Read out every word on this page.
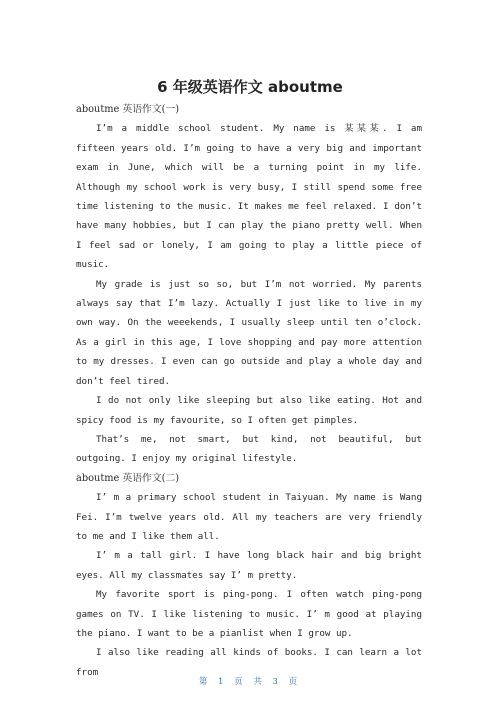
6 年级英语作文 aboutme

aboutme 英语作文(一)

I’m a middle school student. My name is 某某某. I am fifteen years old. I’m going to have a very big and important exam in June, which will be a turning point in my life. Although my school work is very busy, I still spend some free time listening to the music. It makes me feel relaxed. I don’t have many hobbies, but I can play the piano pretty well. When I feel sad or lonely, I am going to play a little piece of music.

My grade is just so so, but I’m not worried. My parents always say that I’m lazy. Actually I just like to live in my own way. On the weeekends, I usually sleep until ten o’clock. As a girl in this age, I love shopping and pay more attention to my dresses. I even can go outside and play a whole day and don’t feel tired.

I do not only like sleeping but also like eating. Hot and spicy food is my favourite, so I often get pimples.

That’s me, not smart, but kind, not beautiful, but outgoing. I enjoy my original lifestyle.

aboutme 英语作文(二)

I’ m a primary school student in Taiyuan. My name is Wang Fei. I’m twelve years old. All my teachers are very friendly to me and I like them all.

I’ m a tall girl. I have long black hair and big bright eyes. All my classmates say I’ m pretty.

My favorite sport is ping-pong. I often watch ping-pong games on TV. I like listening to music. I’ m good at playing the piano. I want to be a pianlist when I grow up.

I also like reading all kinds of books. I can learn a lot from

第 1 页 共 3 页
